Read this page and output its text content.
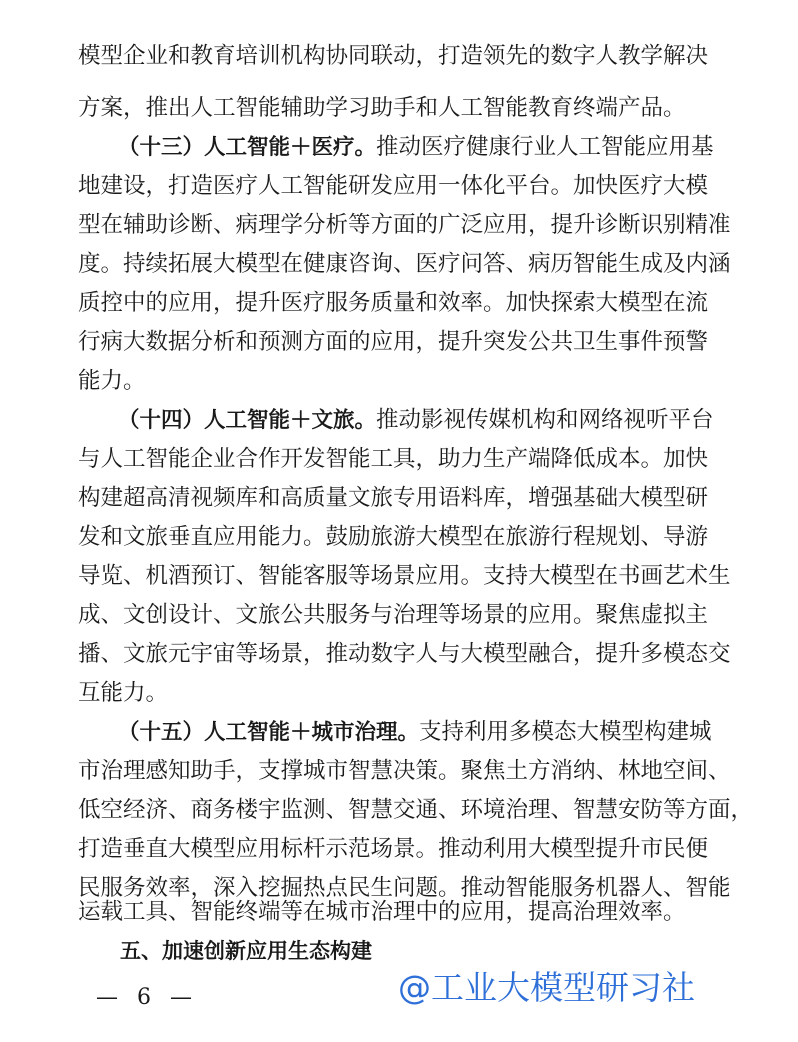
模型企业和教育培训机构协同联动，打造领先的数字人教学解决
方案，推出人工智能辅助学习助手和人工智能教育终端产品。
（十三）人工智能＋医疗。推动医疗健康行业人工智能应用基
地建设，打造医疗人工智能研发应用一体化平台。加快医疗大模
型在辅助诊断、病理学分析等方面的广泛应用，提升诊断识别精准
度。持续拓展大模型在健康咨询、医疗问答、病历智能生成及内涵
质控中的应用，提升医疗服务质量和效率。加快探索大模型在流
行病大数据分析和预测方面的应用，提升突发公共卫生事件预警
能力。
（十四）人工智能＋文旅。推动影视传媒机构和网络视听平台
与人工智能企业合作开发智能工具，助力生产端降低成本。加快
构建超高清视频库和高质量文旅专用语料库，增强基础大模型研
发和文旅垂直应用能力。鼓励旅游大模型在旅游行程规划、导游
导览、机酒预订、智能客服等场景应用。支持大模型在书画艺术生
成、文创设计、文旅公共服务与治理等场景的应用。聚焦虚拟主
播、文旅元宇宙等场景，推动数字人与大模型融合，提升多模态交
互能力。
（十五）人工智能＋城市治理。支持利用多模态大模型构建城
市治理感知助手，支撑城市智慧决策。聚焦土方消纳、林地空间、
低空经济、商务楼宇监测、智慧交通、环境治理、智慧安防等方面，
打造垂直大模型应用标杆示范场景。推动利用大模型提升市民便
民服务效率，深入挖掘热点民生问题。推动智能服务机器人、智能
运载工具、智能终端等在城市治理中的应用，提高治理效率。
五、加速创新应用生态构建
— 6 —	@工业大模型研习社
